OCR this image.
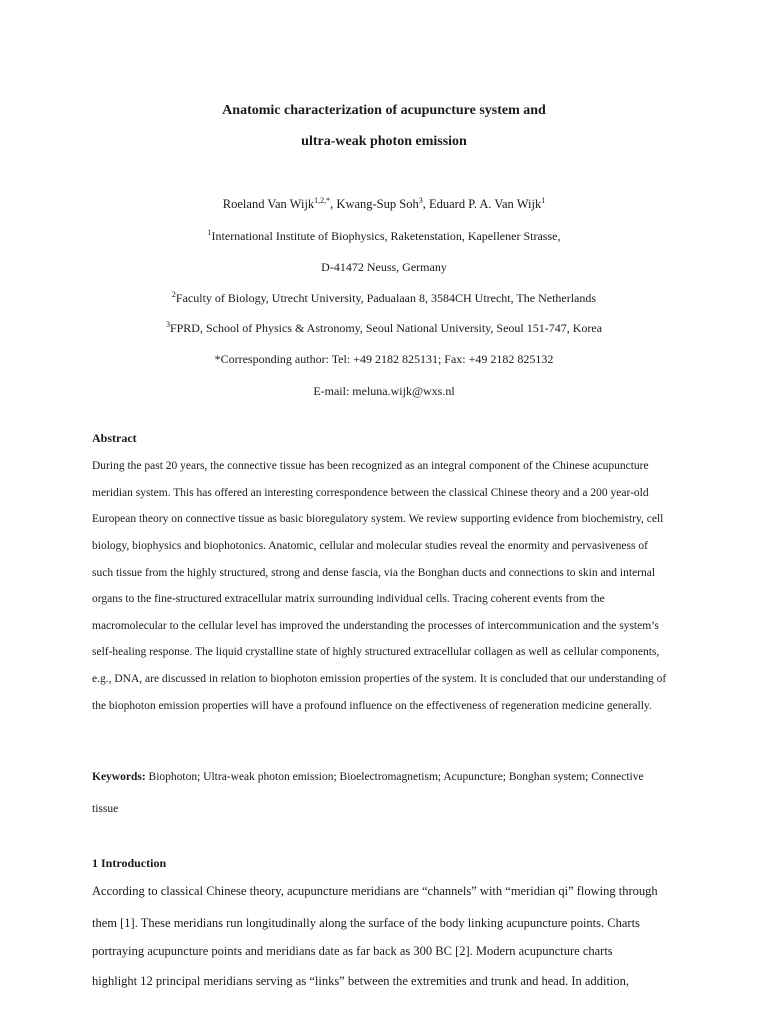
Anatomic characterization of acupuncture system and
ultra-weak photon emission
Roeland Van Wijk$^{1,2,*}$, Kwang-Sup Soh$^3$, Eduard P. A. Van Wijk$^1$
$^1$International Institute of Biophysics, Raketenstation, Kapellener Strasse,
D-41472 Neuss, Germany
$^2$Faculty of Biology, Utrecht University, Padualaan 8, 3584CH Utrecht, The Netherlands
$^3$FPRD, School of Physics & Astronomy, Seoul National University, Seoul 151-747, Korea
*Corresponding author: Tel: +49 2182 825131; Fax: +49 2182 825132
E-mail: meluna.wijk@wxs.nl
Abstract
During the past 20 years, the connective tissue has been recognized as an integral component of the Chinese acupuncture
meridian system. This has offered an interesting correspondence between the classical Chinese theory and a 200 year-old
European theory on connective tissue as basic bioregulatory system. We review supporting evidence from biochemistry, cell
biology, biophysics and biophotonics. Anatomic, cellular and molecular studies reveal the enormity and pervasiveness of
such tissue from the highly structured, strong and dense fascia, via the Bonghan ducts and connections to skin and internal
organs to the fine-structured extracellular matrix surrounding individual cells. Tracing coherent events from the
macromolecular to the cellular level has improved the understanding the processes of intercommunication and the system’s
self-healing response. The liquid crystalline state of highly structured extracellular collagen as well as cellular components,
e.g., DNA, are discussed in relation to biophoton emission properties of the system. It is concluded that our understanding of
the biophoton emission properties will have a profound influence on the effectiveness of regeneration medicine generally.
Keywords: Biophoton; Ultra-weak photon emission; Bioelectromagnetism; Acupuncture; Bonghan system; Connective
tissue
1 Introduction
According to classical Chinese theory, acupuncture meridians are “channels” with “meridian qi” flowing through
them [1]. These meridians run longitudinally along the surface of the body linking acupuncture points. Charts
portraying acupuncture points and meridians date as far back as 300 BC [2]. Modern acupuncture charts
highlight 12 principal meridians serving as “links” between the extremities and trunk and head. In addition,
